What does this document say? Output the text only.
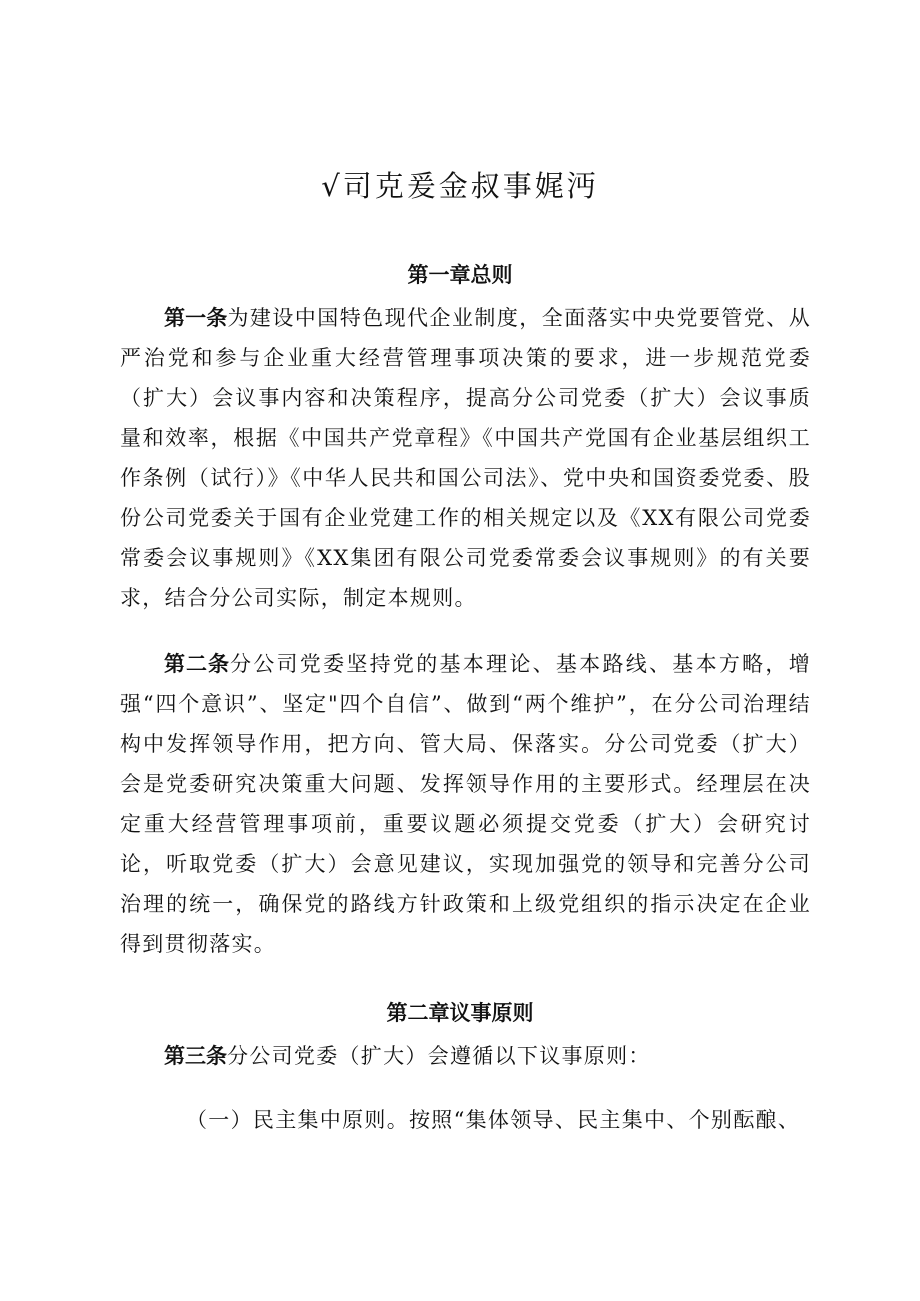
√司克爰金叔事娓沔
第一章总则
第一条为建设中国特色现代企业制度，全面落实中央党要管党、从严治党和参与企业重大经营管理事项决策的要求，进一步规范党委（扩大）会议事内容和决策程序，提高分公司党委（扩大）会议事质量和效率，根据《中国共产党章程》《中国共产党国有企业基层组织工作条例（试行）》《中华人民共和国公司法》、党中央和国资委党委、股份公司党委关于国有企业党建工作的相关规定以及《XX有限公司党委常委会议事规则》《XX集团有限公司党委常委会议事规则》的有关要求，结合分公司实际，制定本规则。
第二条分公司党委坚持党的基本理论、基本路线、基本方略，增强“四个意识”、坚定"四个自信”、做到“两个维护”，在分公司治理结构中发挥领导作用，把方向、管大局、保落实。分公司党委（扩大）会是党委研究决策重大问题、发挥领导作用的主要形式。经理层在决定重大经营管理事项前，重要议题必须提交党委（扩大）会研究讨论，听取党委（扩大）会意见建议，实现加强党的领导和完善分公司治理的统一，确保党的路线方针政策和上级党组织的指示决定在企业得到贯彻落实。
第二章议事原则
第三条分公司党委（扩大）会遵循以下议事原则：
（一）民主集中原则。按照“集体领导、民主集中、个别酝酿、
